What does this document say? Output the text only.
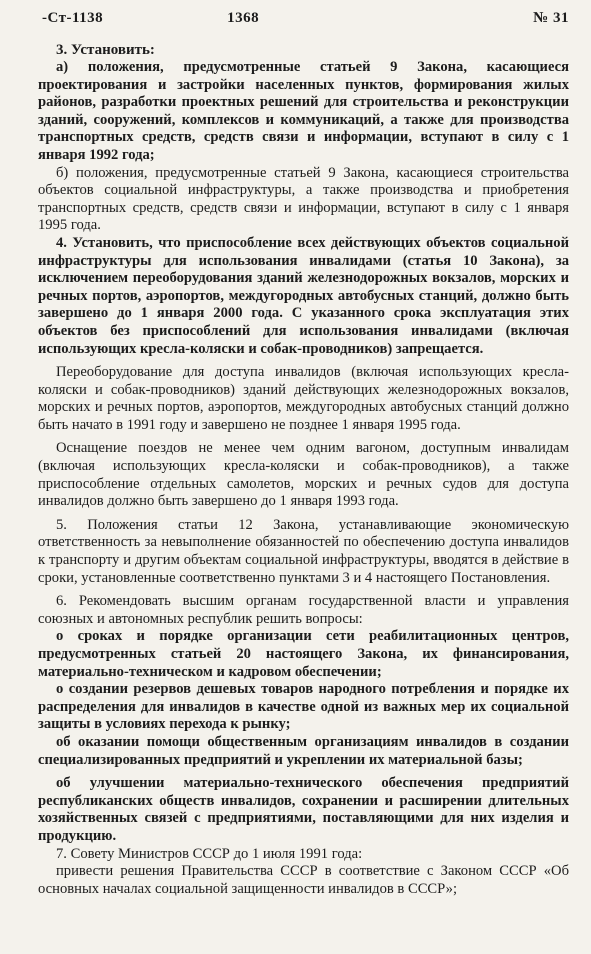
-Ст-1138	1368	№ 31

3. Установить:

а) положения, предусмотренные статьей 9 Закона, касающиеся проектирования и застройки населенных пунктов, формирования жилых районов, разработки проектных решений для строительства и реконструкции зданий, сооружений, комплексов и коммуникаций, а также для производства транспортных средств, средств связи и информации, вступают в силу с 1 января 1992 года;

б) положения, предусмотренные статьей 9 Закона, касающиеся строительства объектов социальной инфраструктуры, а также производства и приобретения транспортных средств, средств связи и информации, вступают в силу с 1 января 1995 года.

4. Установить, что приспособление всех действующих объектов социальной инфраструктуры для использования инвалидами (статья 10 Закона), за исключением переоборудования зданий железнодорожных вокзалов, морских и речных портов, аэропортов, междугородных автобусных станций, должно быть завершено до 1 января 2000 года. С указанного срока эксплуатация этих объектов без приспособлений для использования инвалидами (включая использующих кресла-коляски и собак-проводников) запрещается.

Переоборудование для доступа инвалидов (включая использующих кресла-коляски и собак-проводников) зданий действующих железнодорожных вокзалов, морских и речных портов, аэропортов, междугородных автобусных станций должно быть начато в 1991 году и завершено не позднее 1 января 1995 года.

Оснащение поездов не менее чем одним вагоном, доступным инвалидам (включая использующих кресла-коляски и собак-проводников), а также приспособление отдельных самолетов, морских и речных судов для доступа инвалидов должно быть завершено до 1 января 1993 года.

5. Положения статьи 12 Закона, устанавливающие экономическую ответственность за невыполнение обязанностей по обеспечению доступа инвалидов к транспорту и другим объектам социальной инфраструктуры, вводятся в действие в сроки, установленные соответственно пунктами 3 и 4 настоящего Постановления.

6. Рекомендовать высшим органам государственной власти и управления союзных и автономных республик решить вопросы:

о сроках и порядке организации сети реабилитационных центров, предусмотренных статьей 20 настоящего Закона, их финансирования, материально-техническом и кадровом обеспечении;

о создании резервов дешевых товаров народного потребления и порядке их распределения для инвалидов в качестве одной из важных мер их социальной защиты в условиях перехода к рынку;

об оказании помощи общественным организациям инвалидов в создании специализированных предприятий и укреплении их материальной базы;

об улучшении материально-технического обеспечения предприятий республиканских обществ инвалидов, сохранении и расширении длительных хозяйственных связей с предприятиями, поставляющими для них изделия и продукцию.

7. Совету Министров СССР до 1 июля 1991 года:

привести решения Правительства СССР в соответствие с Законом СССР «Об основных началах социальной защищенности инвалидов в СССР»;
